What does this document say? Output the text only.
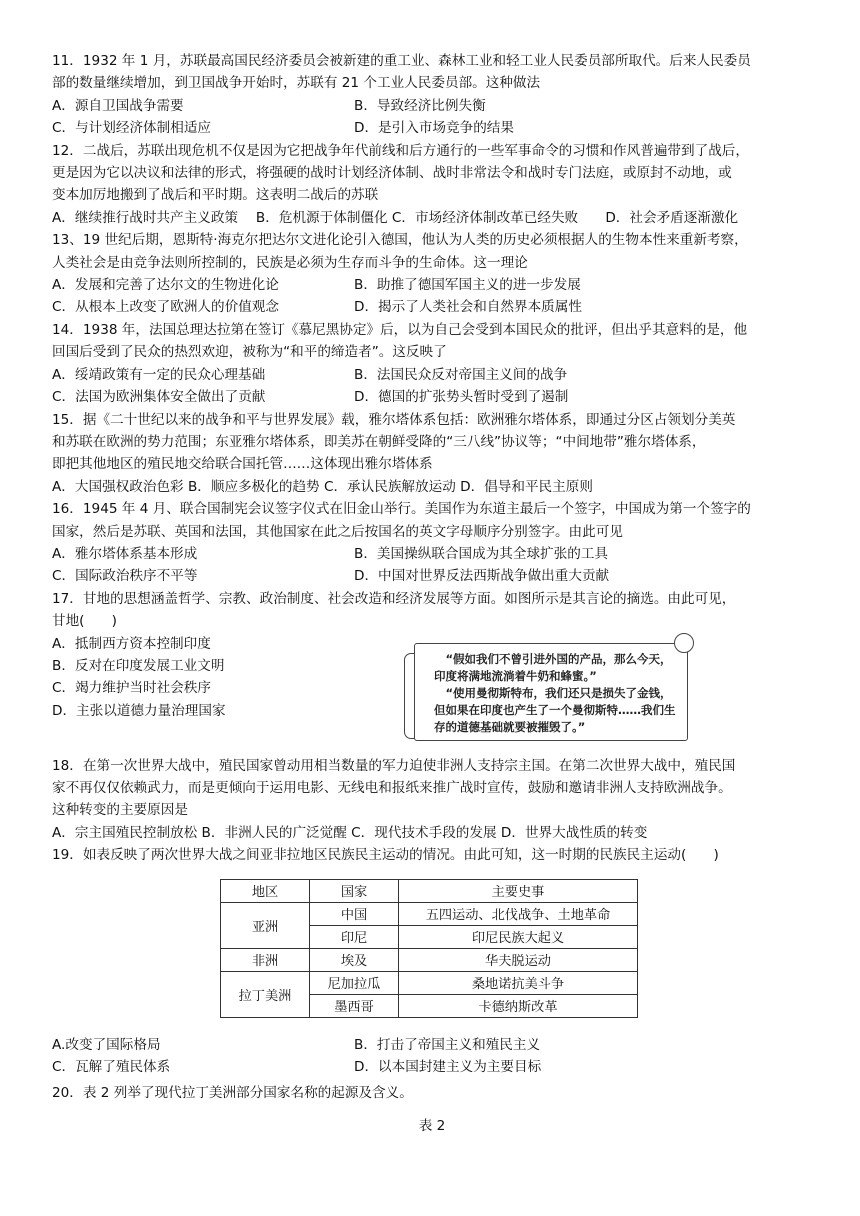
11．1932 年 1 月，苏联最高国民经济委员会被新建的重工业、森林工业和轻工业人民委员部所取代。后来人民委员
部的数量继续增加，到卫国战争开始时，苏联有 21 个工业人民委员部。这种做法
A．源自卫国战争需要	B．导致经济比例失衡
C．与计划经济体制相适应	D．是引入市场竞争的结果
12．二战后，苏联出现危机不仅是因为它把战争年代前线和后方通行的一些军事命令的习惯和作风普遍带到了战后，
更是因为它以决议和法律的形式，将强硬的战时计划经济体制、战时非常法令和战时专门法庭，或原封不动地，或
变本加厉地搬到了战后和平时期。这表明二战后的苏联
A．继续推行战时共产主义政策　 B．危机源于体制僵化 C．市场经济体制改革已经失败　　D．社会矛盾逐渐激化
13、19 世纪后期，恩斯特·海克尔把达尔文进化论引入德国，他认为人类的历史必须根据人的生物本性来重新考察，
人类社会是由竞争法则所控制的，民族是必须为生存而斗争的生命体。这一理论
A．发展和完善了达尔文的生物进化论	B．助推了德国军国主义的进一步发展
C．从根本上改变了欧洲人的价值观念	D．揭示了人类社会和自然界本质属性
14．1938 年，法国总理达拉第在签订《慕尼黑协定》后，以为自己会受到本国民众的批评，但出乎其意料的是，他
回国后受到了民众的热烈欢迎，被称为“和平的缔造者”。这反映了
A．绥靖政策有一定的民众心理基础	B．法国民众反对帝国主义间的战争
C．法国为欧洲集体安全做出了贡献	D．德国的扩张势头暂时受到了遏制
15．据《二十世纪以来的战争和平与世界发展》载，雅尔塔体系包括：欧洲雅尔塔体系，即通过分区占领划分美英
和苏联在欧洲的势力范围；东亚雅尔塔体系，即美苏在朝鲜受降的“三八线”协议等；“中间地带”雅尔塔体系，
即把其他地区的殖民地交给联合国托管……这体现出雅尔塔体系
A．大国强权政治色彩 B．顺应多极化的趋势 C．承认民族解放运动 D．倡导和平民主原则
16．1945 年 4 月、联合国制宪会议签字仪式在旧金山举行。美国作为东道主最后一个签字，中国成为第一个签字的
国家，然后是苏联、英国和法国，其他国家在此之后按国名的英文字母顺序分别签字。由此可见
A．雅尔塔体系基本形成	B．美国操纵联合国成为其全球扩张的工具
C．国际政治秩序不平等	D．中国对世界反法西斯战争做出重大贡献
17．甘地的思想涵盖哲学、宗教、政治制度、社会改造和经济发展等方面。如图所示是其言论的摘选。由此可见，
甘地(　　)
A．抵制西方资本控制印度
B．反对在印度发展工业文明
C．竭力维护当时社会秩序
D．主张以道德力量治理国家

　“假如我们不曾引进外国的产品，那么今天，印度将满地流淌着牛奶和蜂蜜。”

　“使用曼彻斯特布，我们还只是损失了金钱，但如果在印度也产生了一个曼彻斯特……我们生存的道德基础就要被摧毁了。”

18．在第一次世界大战中，殖民国家曾动用相当数量的军力迫使非洲人支持宗主国。在第二次世界大战中，殖民国
家不再仅仅依赖武力，而是更倾向于运用电影、无线电和报纸来推广战时宣传，鼓励和邀请非洲人支持欧洲战争。
这种转变的主要原因是
A．宗主国殖民控制放松 B．非洲人民的广泛觉醒 C．现代技术手段的发展 D．世界大战性质的转变
19．如表反映了两次世界大战之间亚非拉地区民族民主运动的情况。由此可知，这一时期的民族民主运动(　　)
地区	国家	主要史事
亚洲	中国	五四运动、北伐战争、土地革命
	印尼	印尼民族大起义
非洲	埃及	华夫脱运动
拉丁美洲	尼加拉瓜	桑地诺抗美斗争
	墨西哥	卡德纳斯改革
A.改变了国际格局	B．打击了帝国主义和殖民主义
C．瓦解了殖民体系	D．以本国封建主义为主要目标
20．表 2 列举了现代拉丁美洲部分国家名称的起源及含义。
表 2
